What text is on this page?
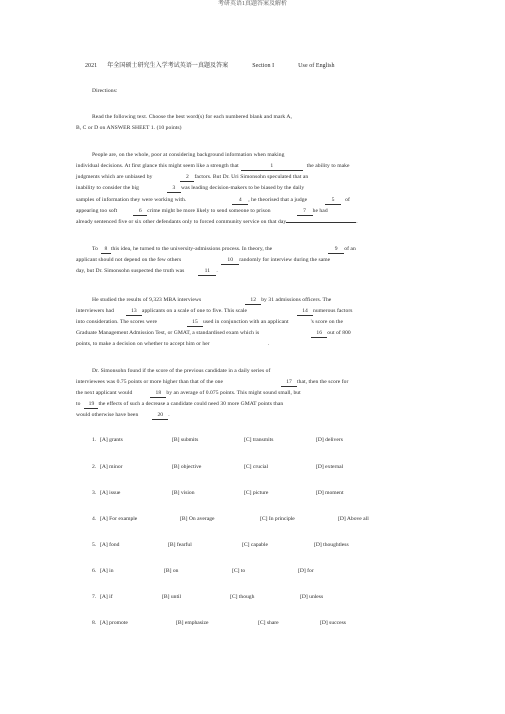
考研英语1真题答案及解析
2021 年全国硕士研究生入学考试英语一真题及答案	Section I	Use of English
Directions:
Read the following text. Choose the best word(s) for each numbered blank and mark A,
B, C or D on ANSWER SHEET 1. (10 points)
People are, on the whole, poor at considering background information when making
individual decisions. At first glance this might seem like a strength that	1	the ability to make
judgments which are unbiased by	2 factors. But Dr. Uri Simonsohn speculated that an
inability to consider the big	3 was leading decision-makers to be biased by the daily
samples of information they were working with.	4 , he theorised that a judge	5 of
appearing too soft	6 crime might be more likely to send someone to prison	7 he had
already sentenced five or six other defendants only to forced community service on that day	.
To 8 this idea, he turned to the university-admissions process. In theory, the	9 of an
applicant should not depend on the few others	10 randomly for interview during the same
day, but Dr. Simonsohn suspected the truth was	11 .
He studied the results of 9,323 MBA interviews	12 by 31 admissions officers. The
interviewers had	13 applicants on a scale of one to five. This scale	14 numerous factors
into consideration. The scores were	15 used in conjunction with an applicant	's score on the
Graduate Management Admission Test, or GMAT, a standardised exam which is	16 out of 800
points, to make a decision on whether to accept him or her	.
Dr. Simonsohn found if the score of the previous candidate in a daily series of
interviewees was 0.75 points or more higher than that of the one	17 that, then the score for
the next applicant would	18 by an average of 0.075 points. This might sound small, but
to 19 the effects of such a decrease a candidate could need 30 more GMAT points than
would otherwise have been	20 .
1. [A] grants	[B] submits	[C] transmits	[D] delivers
2. [A] minor	[B] objective	[C] crucial	[D] external
3. [A] issue	[B] vision	[C] picture	[D] moment
4. [A] For example	[B] On average	[C] In principle	[D] Above all
5. [A] fond	[B] fearful	[C] capable	[D] thoughtless
6. [A] in	[B] on	[C] to	[D] for
7. [A] if	[B] until	[C] though	[D] unless
8. [A] promote	[B] emphasize	[C] share	[D] success
